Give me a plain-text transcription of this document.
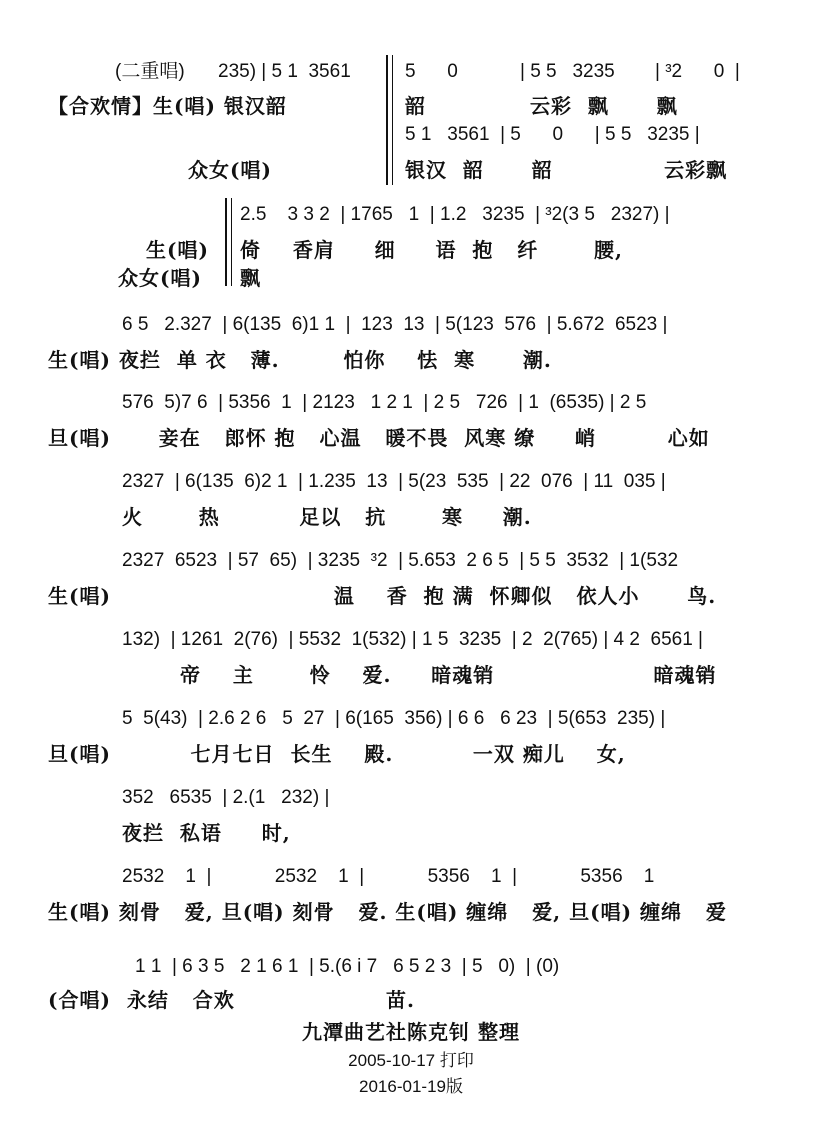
(二重唱) 235) | 5 1  3561	5      0	| 5 5   3235 | ³2      0  |
【合欢情】生(唱) 银汉韶	韶	云彩  飘      飘
5 1   3561  | 5      0      | 5 5   3235 |
众女(唱)	银汉  韶      韶              云彩飘
2.5    3 3 2  | 1765   1  | 1.2   3235  | ³2(3 5   2327) |
生(唱) 倚    香肩     细     语  抱   纤       腰,
众女(唱) 飘
6 5   2.327  | 6(135  6)1 1  |  123  13  | 5(123  576  | 5.672  6523 |
生(唱) 夜拦  单 衣   薄.        怕你    怯  寒      潮.
576  5)7 6  | 5356  1  | 2123   1 2 1  | 2 5   726  | 1  (6535) | 2 5
旦(唱)      妾在   郎怀 抱   心温   暖不畏  风寒 缭     峭         心如
2327  | 6(135  6)2 1  | 1.235  13  | 5(23  535  | 22  076  | 11  035 |
火       热          足以   抗       寒     潮.
2327  6523  | 57  65)  | 3235  ³2  | 5.653  2 6 5  | 5 5  3532  | 1(532
生(唱)                            温    香  抱 满  怀卿似   依人小      鸟.
132)  | 1261  2(76)  | 5532  1(532) | 1 5  3235  | 2  2(765) | 4 2  6561 |
帝    主       怜    爱.     暗魂销                    暗魂销
5  5(43)  | 2.6 2 6   5  27  | 6(165  356) | 6 6   6 23  | 5(653  235) |
旦(唱)          七月七日  长生    殿.          一双 痴儿    女,
352   6535  | 2.(1   232) |
夜拦  私语     时,
2532    1  |            2532    1  |            5356    1  |            5356    1
生(唱) 刻骨   爱, 旦(唱) 刻骨   爱. 生(唱) 缠绵   爱, 旦(唱) 缠绵   爱
1 1  | 6 3 5   2 1 6 1  | 5.(6 i 7   6 5 2 3  | 5   0)  | (0)
(合唱)  永结   合欢                   苗.
九潭曲艺社陈克钊 整理
2005-10-17 打印
2016-01-19版
